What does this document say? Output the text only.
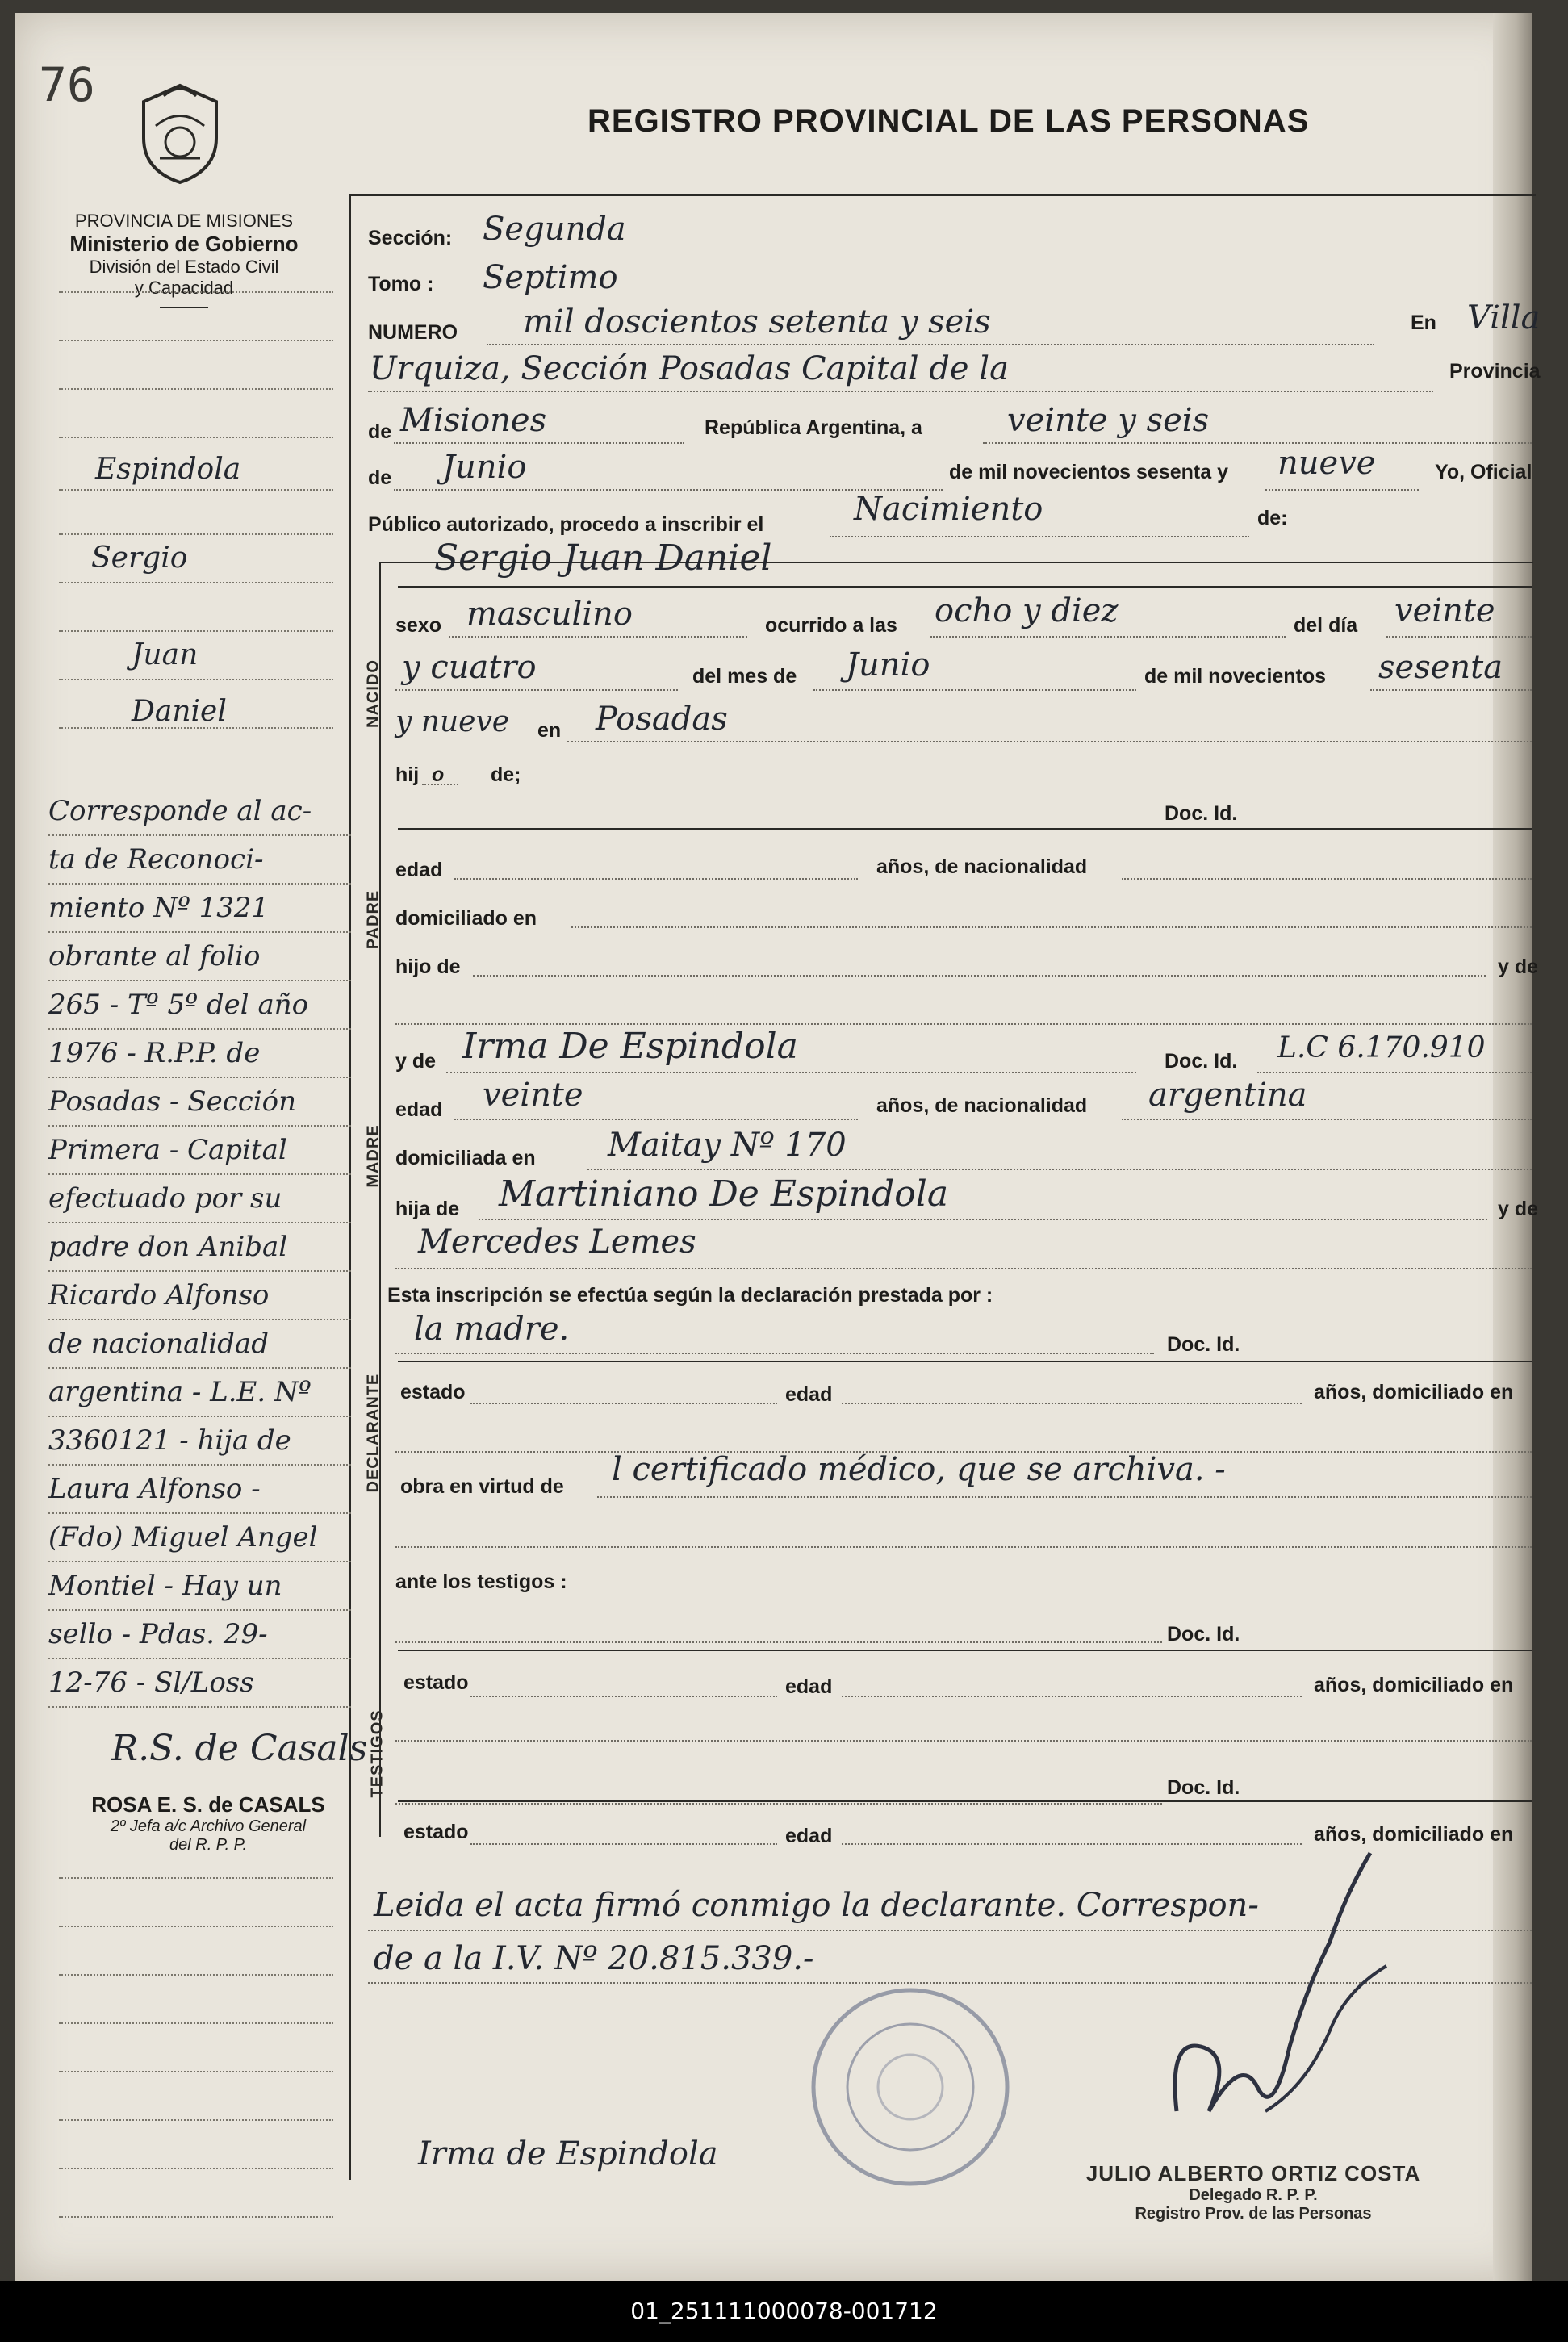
76
REGISTRO PROVINCIAL DE LAS PERSONAS
PROVINCIA DE MISIONES
Ministerio de Gobierno
División del Estado Civil
y Capacidad
Espindola
Sergio
Juan
Daniel
Corresponde al ac-
ta de Reconoci-
miento Nº 1321
obrante al folio
265 - Tº 5º del año
1976 - R.P.P. de
Posadas - Sección
Primera - Capital
efectuado por su
padre don Anibal
Ricardo Alfonso
de nacionalidad
argentina - L.E. Nº
3360121 - hija de
Laura Alfonso -
(Fdo) Miguel Angel
Montiel - Hay un
sello - Pdas. 29-
12-76 - Sl/Loss
R.S. de Casals
ROSA E. S. de CASALS
2º Jefa a/c Archivo General
del R. P. P.
Sección: Segunda
Tomo : Septimo
NUMERO mil doscientos setenta y seis	En Villa
Urquiza, Sección Posadas Capital de la	Provincia
de Misiones	República Argentina, a	veinte y seis
de Junio	de mil novecientos sesenta y nueve	Yo, Oficial
Público autorizado, procedo a inscribir el	Nacimiento	de:
Sergio Juan Daniel
NACIDO
sexo masculino	ocurrido a las ocho y diez	del día veinte
y cuatro	del mes de Junio	de mil novecientos sesenta
y nueve en Posadas
hij o de;
Doc. Id.
PADRE
edad	años, de nacionalidad
domiciliado en
hijo de	y de
y de Irma De Espindola	Doc. Id. L.C 6.170.910
MADRE
edad veinte	años, de nacionalidad argentina
domiciliada en Maitay Nº 170
hija de Martiniano De Espindola	y de
Mercedes Lemes
Esta inscripción se efectúa según la declaración prestada por :
la madre.	Doc. Id.
DECLARANTE estado	edad	años, domiciliado en
obra en virtud de l certificado médico, que se archiva. -
ante los testigos :
Doc. Id.
TESTIGOS
estado	edad	años, domiciliado en
Doc. Id.
estado	edad	años, domiciliado en
Leida el acta firmó conmigo la declarante. Correspon-
de a la I.V. Nº 20.815.339.-
Irma de Espindola
JULIO ALBERTO ORTIZ COSTA
Delegado R. P. P.
Registro Prov. de las Personas
01_251111000078-001712
